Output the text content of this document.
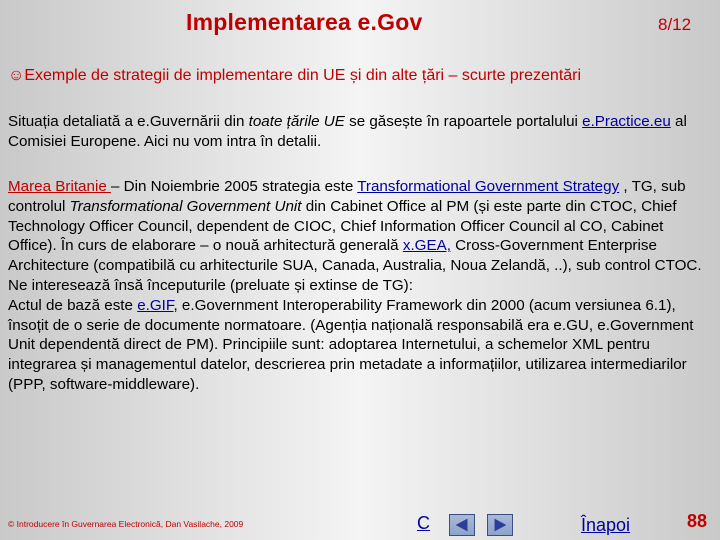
Implementarea e.Gov	8/12
☺Exemple de strategii de implementare din UE și din alte țări – scurte prezentări
Situația detaliată a e.Guvernării din toate țările UE se găsește în rapoartele portalului e.Practice.eu al Comisiei Europene. Aici nu vom intra în detalii.
Marea Britanie – Din Noiembrie 2005 strategia este Transformational Government Strategy , TG, sub controlul Transformational Government Unit din Cabinet Office al PM (și este parte din CTOC, Chief Technology Officer Council, dependent de CIOC, Chief Information Officer Council al CO, Cabinet Office). În curs de elaborare – o nouă arhitectură generală x.GEA, Cross-Government Enterprise Architecture (compatibilă cu arhitecturile SUA, Canada, Australia, Noua Zelandă, ..), sub control CTOC.
Ne interesează însă începuturile (preluate și extinse de TG):
Actul de bază este e.GIF, e.Government Interoperability Framework din 2000 (acum versiunea 6.1), însoțit de o serie de documente normatoare. (Agenția națională responsabilă era e.GU, e.Government Unit dependentă direct de PM). Principiile sunt: adoptarea Internetului, a schemelor XML pentru integrarea și managementul datelor, descrierea prin metadate a informațiilor, utilizarea intermediarilor (PPP, software-middleware).
© Introducere în Guvernarea Electronică, Dan Vasilache, 2009	C	Înapoi	88
